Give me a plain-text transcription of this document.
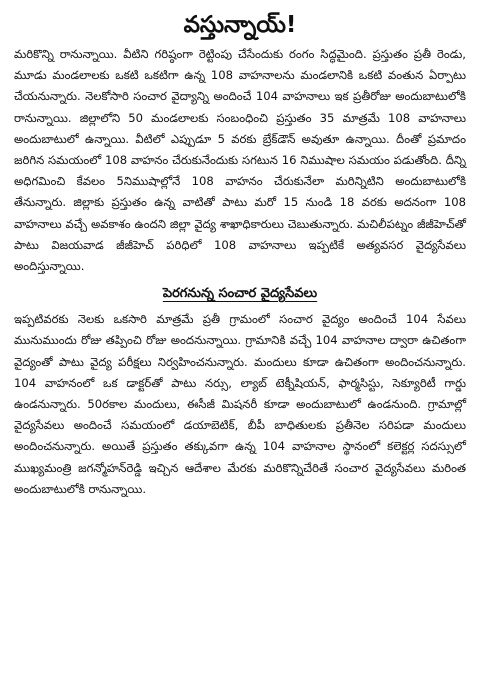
వస్తున్నాయ్‌!

మరికొన్ని రానున్నాయి. వీటిని గరిష్ఠంగా రెట్టింపు చేసేందుకు రంగం సిద్ధమైంది. ప్రస్తుతం ప్రతీ రెండు, మూడు మండలాలకు ఒకటి ఒకటిగా ఉన్న 108 వాహనాలను మండలానికి ఒకటి వంతున ఏర్పాటు చేయనున్నారు. నెలకోసారి సంచార వైద్యాన్ని అందించే 104 వాహనాలు ఇక ప్రతీరోజు అందుబాటులోకి రానున్నాయి. జిల్లాలోని 50 మండలాలకు సంబంధించి ప్రస్తుతం 35 మాత్రమే 108 వాహనాలు అందుబాటులో ఉన్నాయి. వీటిలో ఎప్పుడూ 5 వరకు బ్రేక్‌డౌన్‌ అవుతూ ఉన్నాయి. దీంతో ప్రమాదం జరిగిన సమయంలో 108 వాహనం చేరుకునేందుకు సగటున 16 నిముషాల సమయం పడుతోంది. దీన్ని అధిగమించి కేవలం 5నిముషాల్లోనే 108 వాహనం చేరుకునేలా మరిన్నిటిని అందుబాటులోకి తేనున్నారు. జిల్లాకు ప్రస్తుతం ఉన్న వాటితో పాటు మరో 15 నుండి 18 వరకు అదనంగా 108 వాహనాలు వచ్చే అవకాశం ఉందని జిల్లా వైద్య శాఖాధికారులు చెబుతున్నారు. మచిలీపట్నం జీజీహెచ్‌తో పాటు విజయవాడ జీజీహెచ్‌ పరిధిలో 108 వాహనాలు ఇప్పటికే అత్యవసర వైద్యసేవలు అందిస్తున్నాయి.

పెరగనున్న సంచార వైద్యసేవలు

ఇప్పటివరకు నెలకు ఒకసారి మాత్రమే ప్రతీ గ్రామంలో సంచార వైద్యం అందించే 104 సేవలు మునుముందు రోజు తప్పించి రోజు అందనున్నాయి. గ్రామానికి వచ్చే 104 వాహనాల ద్వారా ఉచితంగా వైద్యంతో పాటు వైద్య పరీక్షలు నిర్వహించనున్నారు. మందులు కూడా ఉచితంగా అందించనున్నారు. 104 వాహనంలో ఒక డాక్టర్‌తో పాటు నర్సు, ల్యాబ్‌ టెక్నీషియన్‌, ఫార్మసిస్టు, సెక్యూరిటీ గార్డు ఉండనున్నారు. 50రకాల మందులు, ఈసీజీ మిషనరీ కూడా అందుబాటులో ఉండనుంది. గ్రామాల్లో వైద్యసేవలు అందించే సమయంలో డయాబెటిక్‌, బీపీ బాధితులకు ప్రతీనెల సరిపడా మందులు అందించనున్నారు. అయితే ప్రస్తుతం తక్కువగా ఉన్న 104 వాహనాల స్థానంలో కలెక్టర్ల సదస్సులో ముఖ్యమంత్రి జగన్మోహన్‌రెడ్డి ఇచ్చిన ఆదేశాల మేరకు మరికొన్నిచేరితే సంచార వైద్యసేవలు మరింత అందుబాటులోకి రానున్నాయి.
